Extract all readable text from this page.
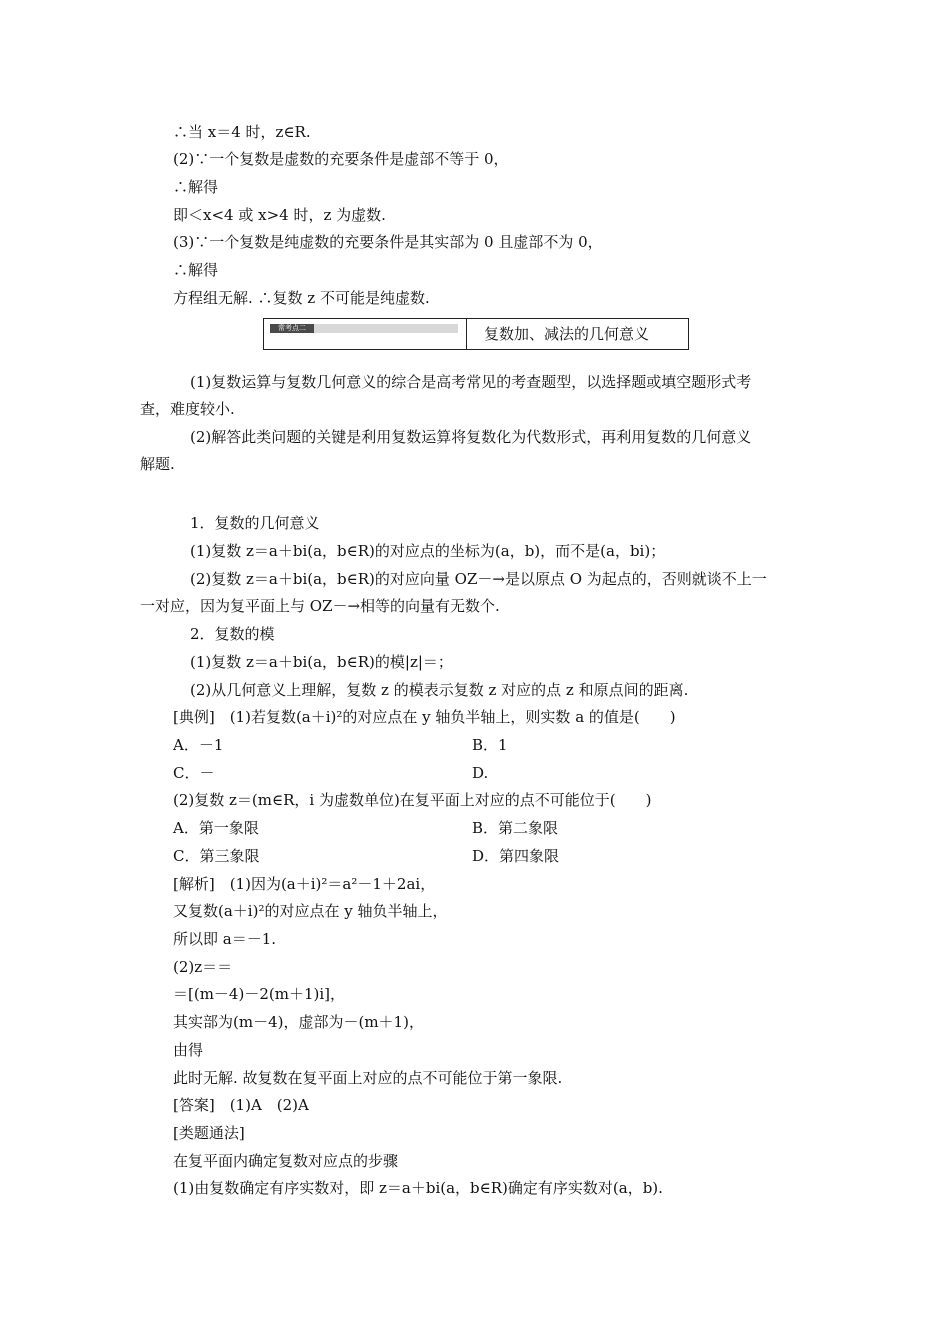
∴当 x＝4 时，z∈R.
(2)∵一个复数是虚数的充要条件是虚部不等于 0，
∴解得
即＜x<4 或 x>4 时，z 为虚数.
(3)∵一个复数是纯虚数的充要条件是其实部为 0 且虚部不为 0，
∴解得
方程组无解. ∴复数 z 不可能是纯虚数.
常考点二	复数加、减法的几何意义
(1)复数运算与复数几何意义的综合是高考常见的考查题型，以选择题或填空题形式考
查，难度较小.
(2)解答此类问题的关键是利用复数运算将复数化为代数形式，再利用复数的几何意义
解题.
1．复数的几何意义
(1)复数 z＝a＋bi(a，b∈R)的对应点的坐标为(a，b)，而不是(a，bi)；
(2)复数 z＝a＋bi(a，b∈R)的对应向量 OZ－→是以原点 O 为起点的，否则就谈不上一
一对应，因为复平面上与 OZ－→相等的向量有无数个.
2．复数的模
(1)复数 z＝a＋bi(a，b∈R)的模|z|＝；
(2)从几何意义上理解，复数 z 的模表示复数 z 对应的点 z 和原点间的距离.
[典例]　(1)若复数(a＋i)²的对应点在 y 轴负半轴上，则实数 a 的值是(　　)
A．－1	B．1
C．－	D.
(2)复数 z＝(m∈R，i 为虚数单位)在复平面上对应的点不可能位于(　　)
A．第一象限	B．第二象限
C．第三象限	D．第四象限
[解析]　(1)因为(a＋i)²＝a²－1＋2ai，
又复数(a＋i)²的对应点在 y 轴负半轴上，
所以即 a＝－1.
(2)z＝＝
＝[(m－4)－2(m＋1)i]，
其实部为(m－4)，虚部为－(m＋1)，
由得
此时无解. 故复数在复平面上对应的点不可能位于第一象限.
[答案]　(1)A　(2)A
[类题通法]
在复平面内确定复数对应点的步骤
(1)由复数确定有序实数对，即 z＝a＋bi(a，b∈R)确定有序实数对(a，b).
